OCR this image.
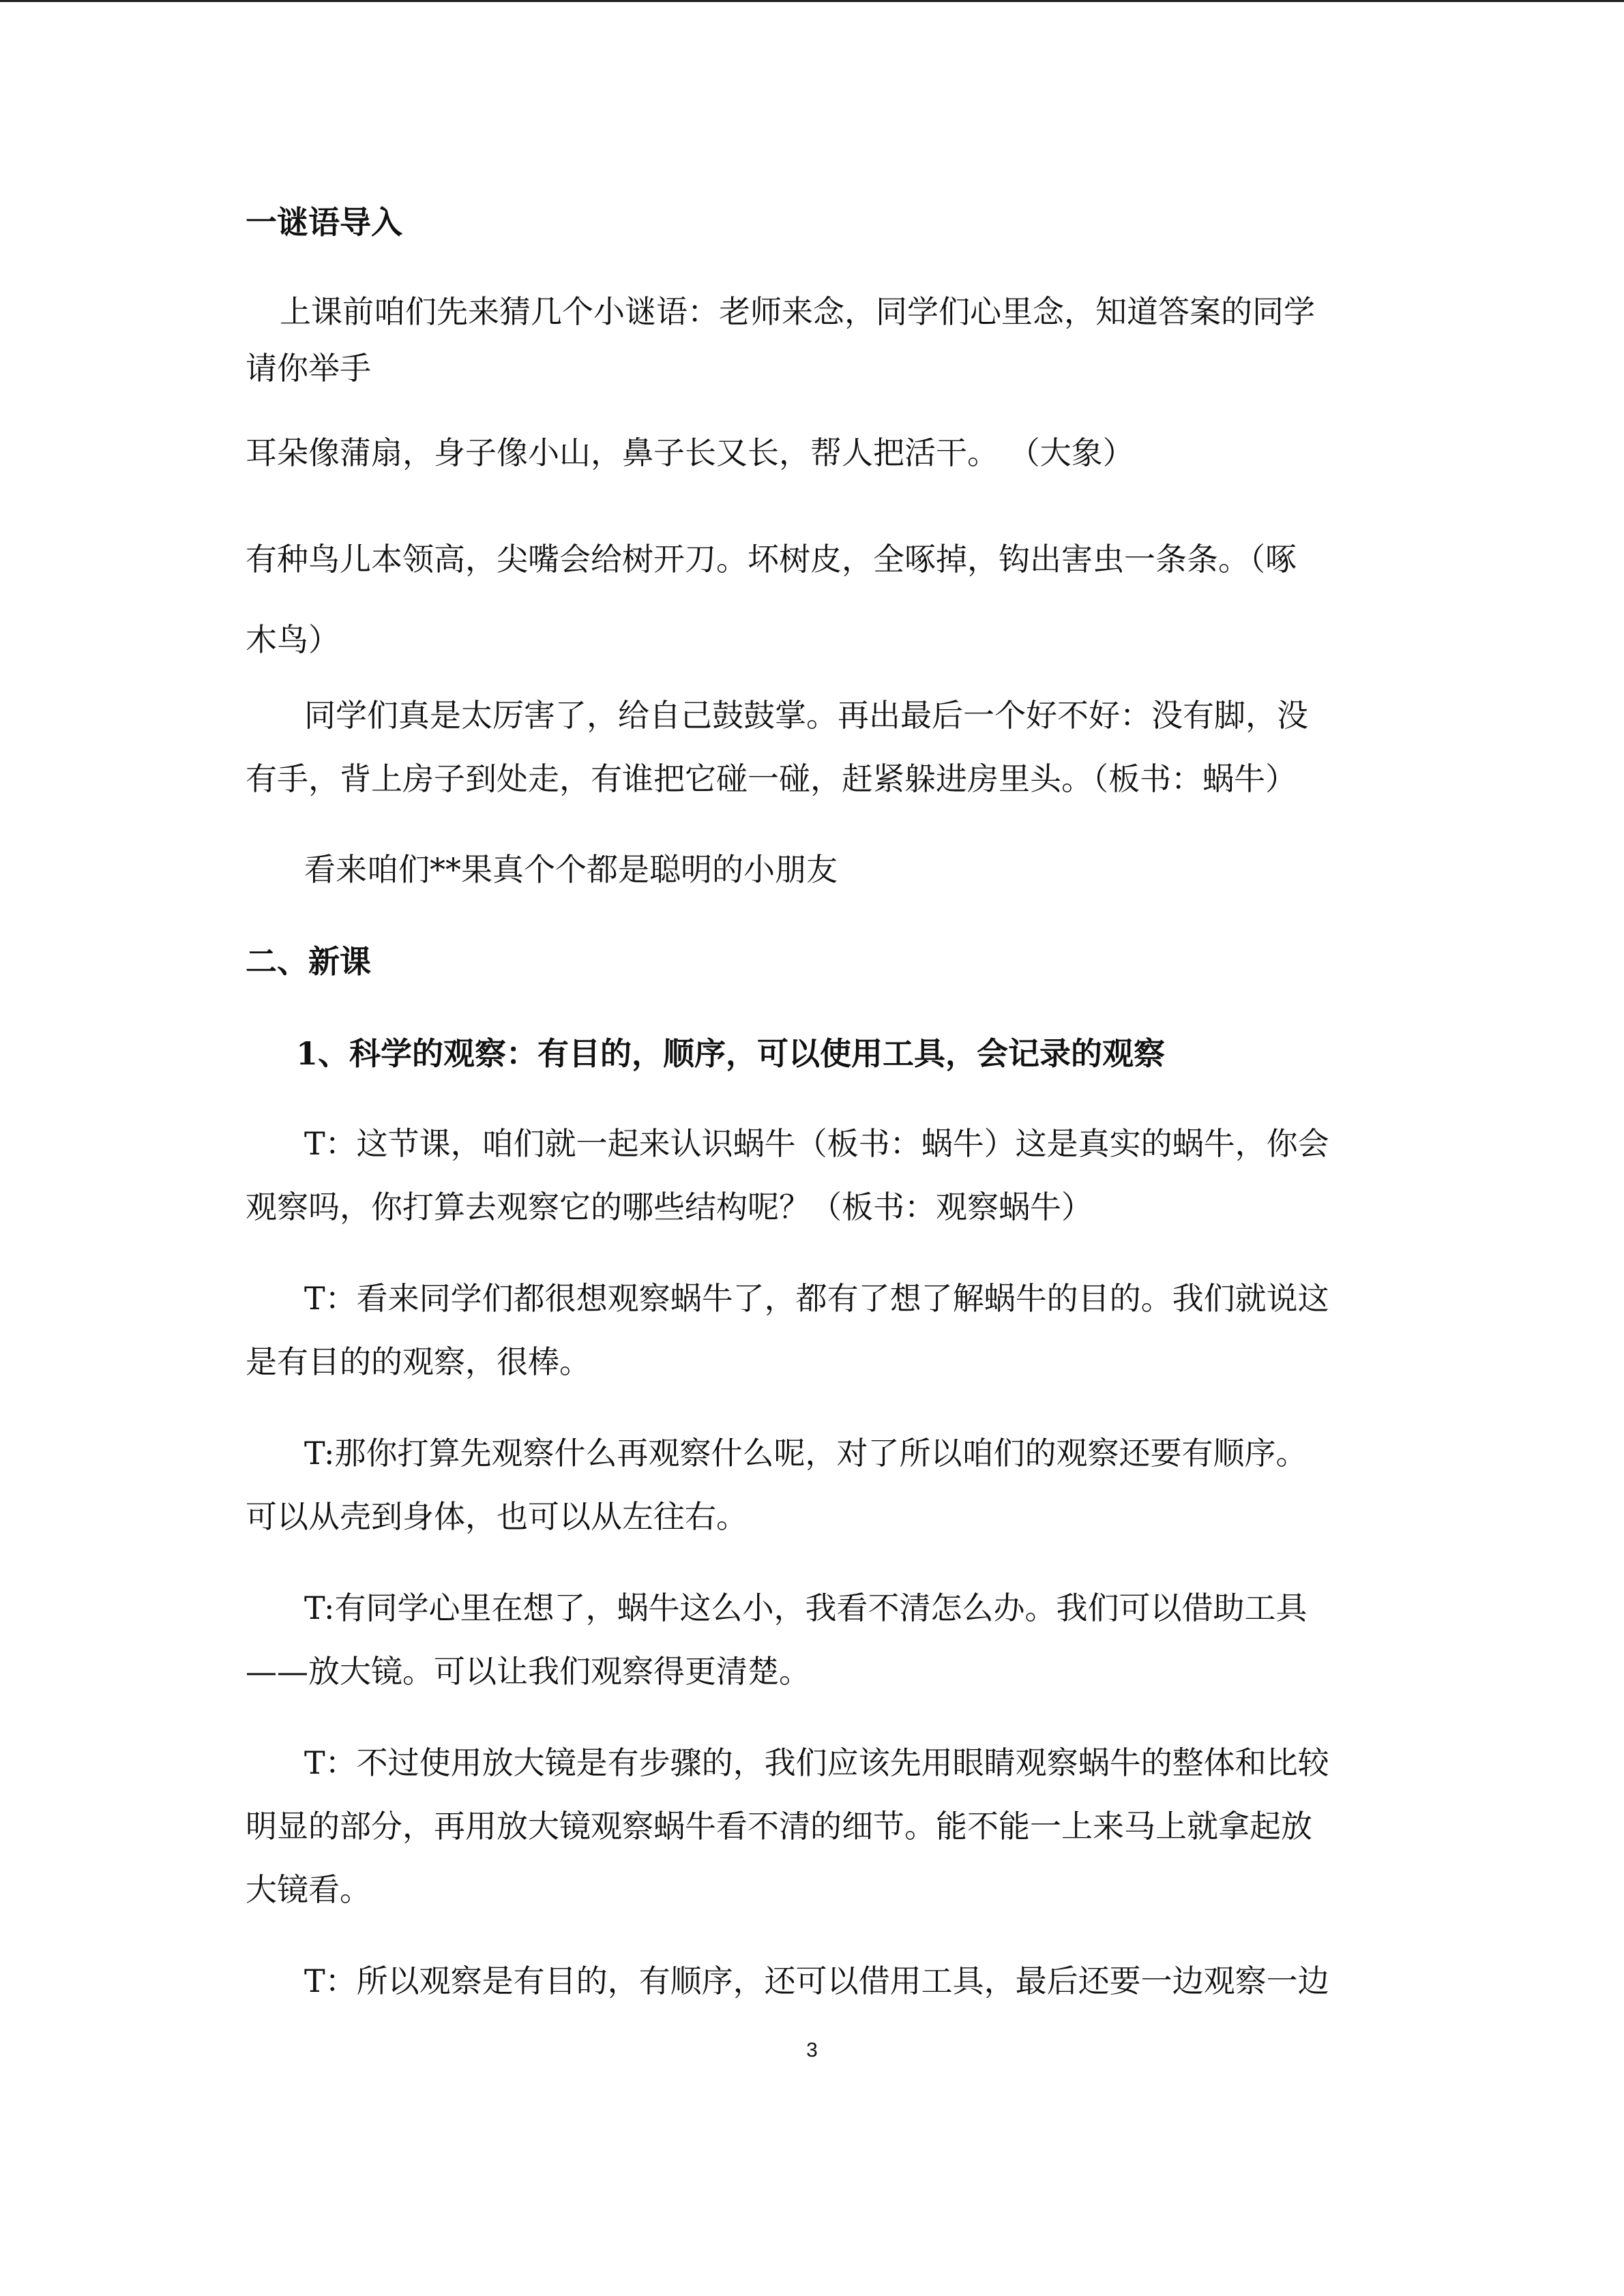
一谜语导入

上课前咱们先来猜几个小谜语：老师来念，同学们心里念，知道答案的同学

请你举手

耳朵像蒲扇，身子像小山，鼻子长又长，帮人把活干。 （大象）

有种鸟儿本领高，尖嘴会给树开刀。坏树皮，全啄掉，钩出害虫一条条。（啄

木鸟）

同学们真是太厉害了，给自己鼓鼓掌。再出最后一个好不好：没有脚，没

有手，背上房子到处走，有谁把它碰一碰，赶紧躲进房里头。（板书：蜗牛）

看来咱们**果真个个都是聪明的小朋友

二、新课

1、科学的观察：有目的，顺序，可以使用工具，会记录的观察

T：这节课，咱们就一起来认识蜗牛（板书：蜗牛）这是真实的蜗牛，你会

观察吗，你打算去观察它的哪些结构呢？（板书：观察蜗牛）

T：看来同学们都很想观察蜗牛了，都有了想了解蜗牛的目的。我们就说这

是有目的的观察，很棒。

T:那你打算先观察什么再观察什么呢，对了所以咱们的观察还要有顺序。

可以从壳到身体，也可以从左往右。

T:有同学心里在想了，蜗牛这么小，我看不清怎么办。我们可以借助工具

——放大镜。可以让我们观察得更清楚。

T：不过使用放大镜是有步骤的，我们应该先用眼睛观察蜗牛的整体和比较

明显的部分，再用放大镜观察蜗牛看不清的细节。能不能一上来马上就拿起放

大镜看。

T：所以观察是有目的，有顺序，还可以借用工具，最后还要一边观察一边

3
